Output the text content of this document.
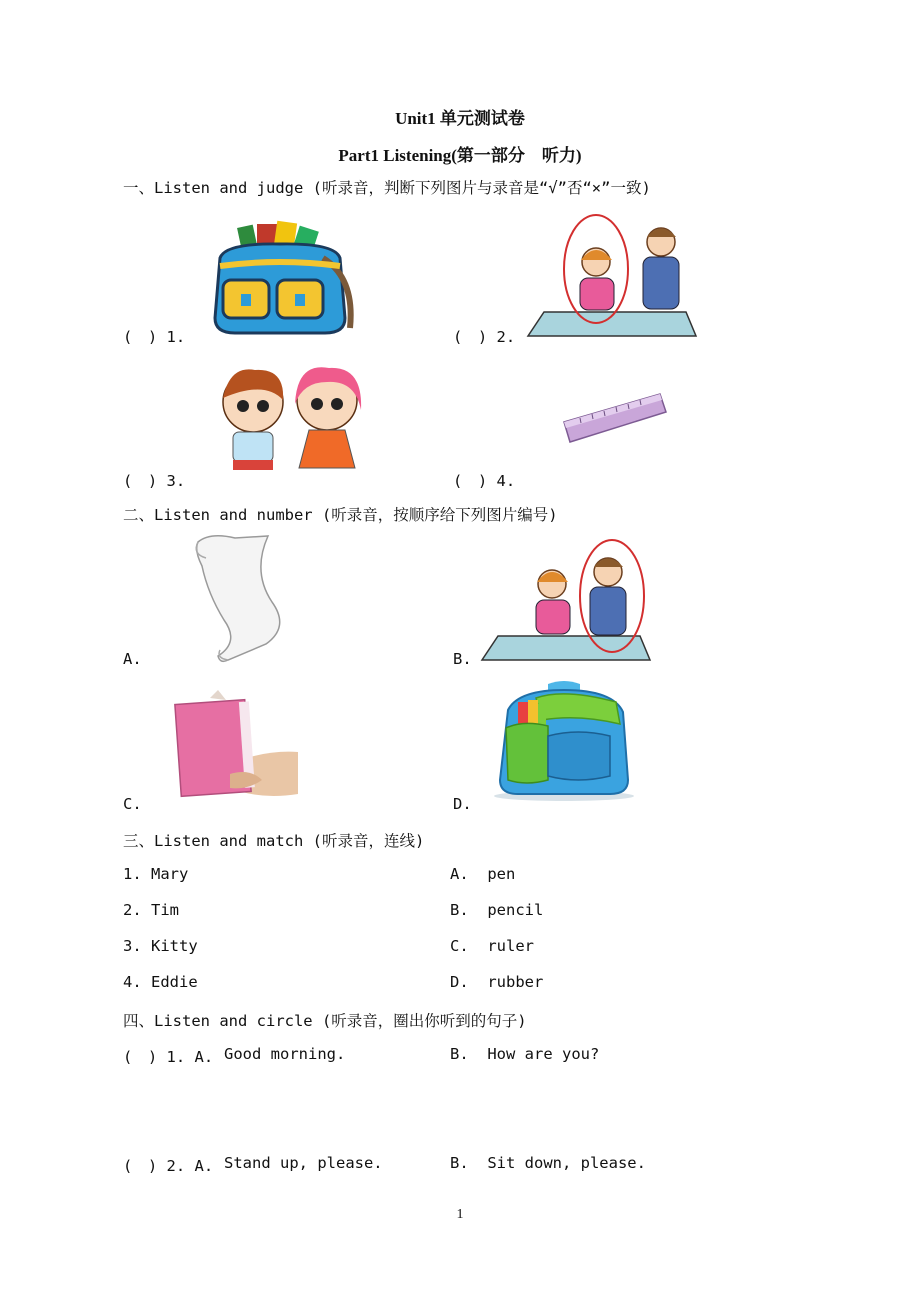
Unit1 单元测试卷
Part1 Listening(第一部分　听力)
一、Listen and judge (听录音，判断下列图片与录音是“√”否“×”一致)
(　) 1.	(　) 2.
(　) 3.	(　) 4.
二、Listen and number (听录音，按顺序给下列图片编号)
A.	B.
C.	D.
三、Listen and match (听录音，连线)
1. Mary	A.  pen
2. Tim	B.  pencil
3. Kitty	C.  ruler
4. Eddie	D.  rubber
四、Listen and circle (听录音，圈出你听到的句子)
(　) 1. A. Good morning.	B.  How are you?
(　) 2. A. Stand up, please.	B.  Sit down, please.
1
